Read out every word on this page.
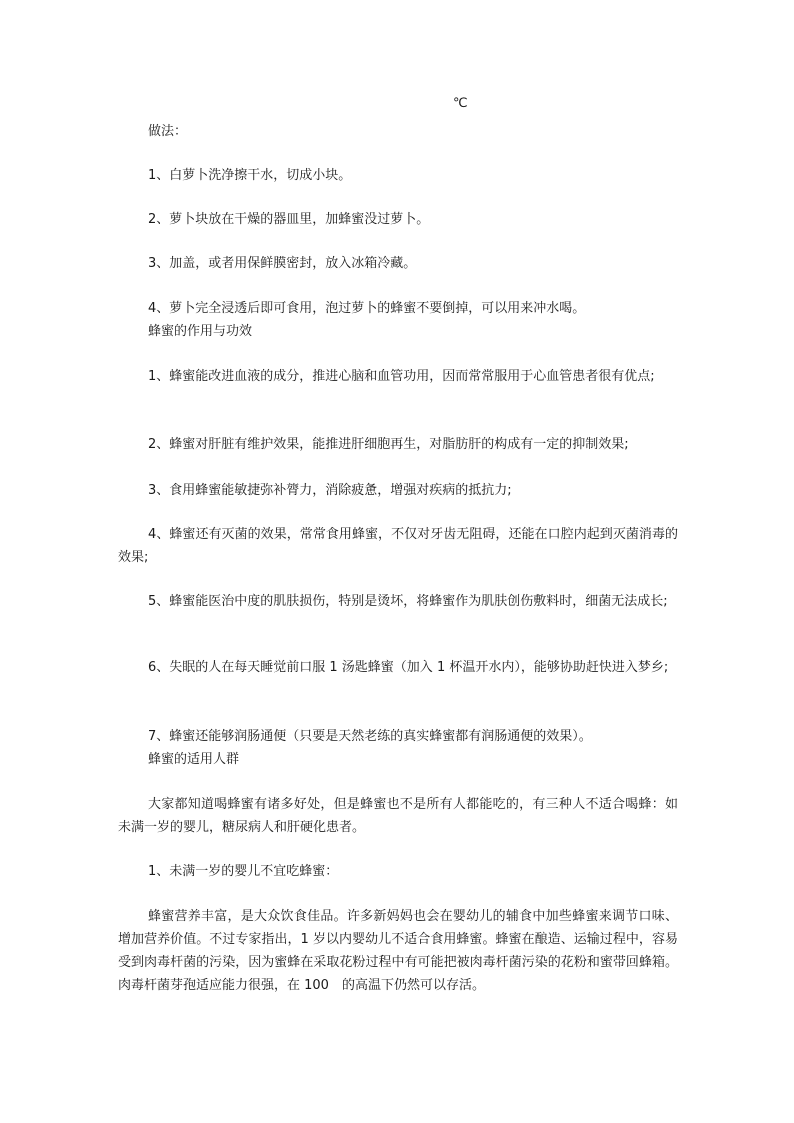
℃

做法：

1、白萝卜洗净擦干水，切成小块。

2、萝卜块放在干燥的器皿里，加蜂蜜没过萝卜。

3、加盖，或者用保鲜膜密封，放入冰箱冷藏。

4、萝卜完全浸透后即可食用，泡过萝卜的蜂蜜不要倒掉，可以用来冲水喝。

蜂蜜的作用与功效

1、蜂蜜能改进血液的成分，推进心脑和血管功用，因而常常服用于心血管患者很有优点;

2、蜂蜜对肝脏有维护效果，能推进肝细胞再生，对脂肪肝的构成有一定的抑制效果;

3、食用蜂蜜能敏捷弥补膂力，消除疲惫，增强对疾病的抵抗力;

4、蜂蜜还有灭菌的效果，常常食用蜂蜜，不仅对牙齿无阻碍，还能在口腔内起到灭菌消毒的效果;

5、蜂蜜能医治中度的肌肤损伤，特别是烫坏，将蜂蜜作为肌肤创伤敷料时，细菌无法成长;

6、失眠的人在每天睡觉前口服 1 汤匙蜂蜜（加入 1 杯温开水内），能够协助赶快进入梦乡;

7、蜂蜜还能够润肠通便（只要是天然老练的真实蜂蜜都有润肠通便的效果）。

蜂蜜的适用人群

大家都知道喝蜂蜜有诸多好处，但是蜂蜜也不是所有人都能吃的，有三种人不适合喝蜂：如未满一岁的婴儿，糖尿病人和肝硬化患者。

1、未满一岁的婴儿不宜吃蜂蜜：

蜂蜜营养丰富，是大众饮食佳品。许多新妈妈也会在婴幼儿的辅食中加些蜂蜜来调节口味、增加营养价值。不过专家指出，1 岁以内婴幼儿不适合食用蜂蜜。蜂蜜在酿造、运输过程中，容易受到肉毒杆菌的污染，因为蜜蜂在采取花粉过程中有可能把被肉毒杆菌污染的花粉和蜜带回蜂箱。肉毒杆菌芽孢适应能力很强，在 100　的高温下仍然可以存活。
